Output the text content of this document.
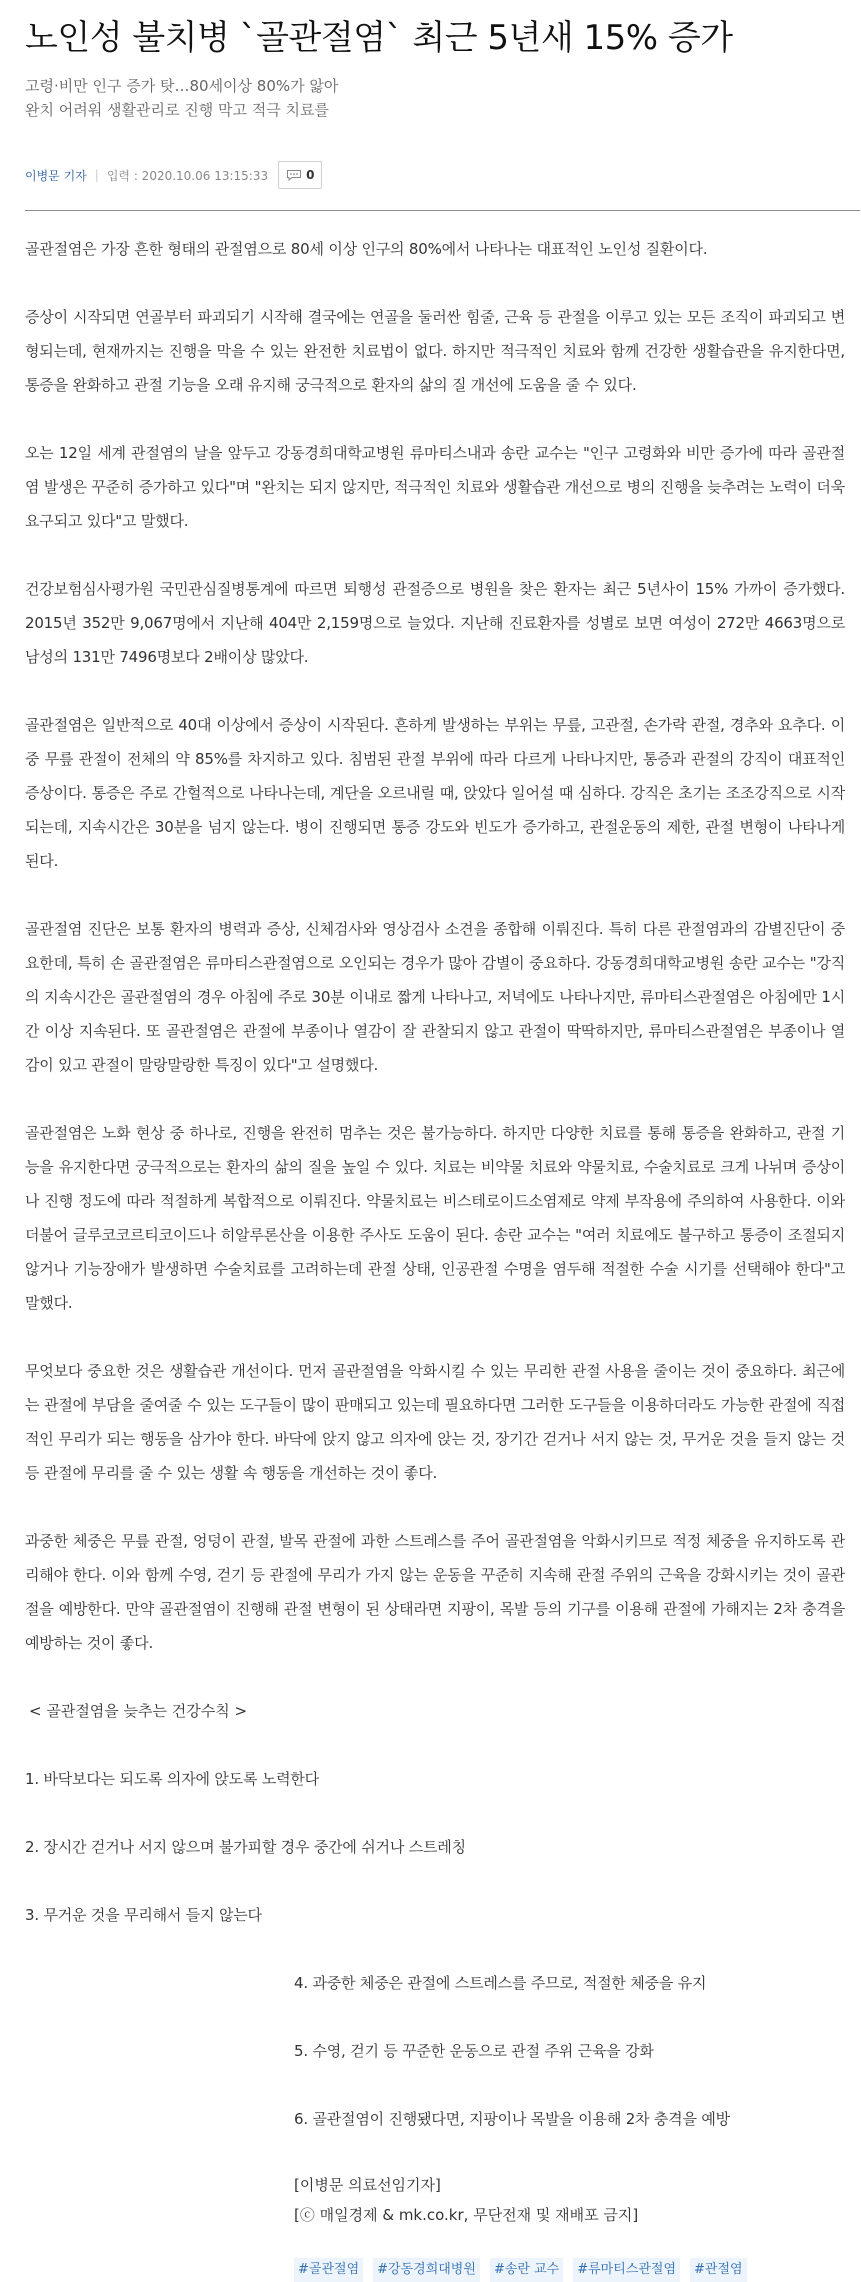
노인성 불치병 `골관절염` 최근 5년새 15% 증가
고령·비만 인구 증가 탓…80세이상 80%가 앓아
완치 어려워 생활관리로 진행 막고 적극 치료를
이병문 기자 | 입력 : 2020.10.06 13:15:33	0

골관절염은 가장 흔한 형태의 관절염으로 80세 이상 인구의 80%에서 나타나는 대표적인 노인성 질환이다.

증상이 시작되면 연골부터 파괴되기 시작해 결국에는 연골을 둘러싼 힘줄, 근육 등 관절을 이루고 있는 모든 조직이 파괴되고 변형되는데, 현재까지는 진행을 막을 수 있는 완전한 치료법이 없다. 하지만 적극적인 치료와 함께 건강한 생활습관을 유지한다면, 통증을 완화하고 관절 기능을 오래 유지해 궁극적으로 환자의 삶의 질 개선에 도움을 줄 수 있다.

오는 12일 세계 관절염의 날을 앞두고 강동경희대학교병원 류마티스내과 송란 교수는 "인구 고령화와 비만 증가에 따라 골관절염 발생은 꾸준히 증가하고 있다"며 "완치는 되지 않지만, 적극적인 치료와 생활습관 개선으로 병의 진행을 늦추려는 노력이 더욱 요구되고 있다"고 말했다.

건강보험심사평가원 국민관심질병통계에 따르면 퇴행성 관절증으로 병원을 찾은 환자는 최근 5년사이 15% 가까이 증가했다. 2015년 352만 9,067명에서 지난해 404만 2,159명으로 늘었다. 지난해 진료환자를 성별로 보면 여성이 272만 4663명으로 남성의 131만 7496명보다 2배이상 많았다.

골관절염은 일반적으로 40대 이상에서 증상이 시작된다. 흔하게 발생하는 부위는 무릎, 고관절, 손가락 관절, 경추와 요추다. 이중 무릎 관절이 전체의 약 85%를 차지하고 있다. 침범된 관절 부위에 따라 다르게 나타나지만, 통증과 관절의 강직이 대표적인 증상이다. 통증은 주로 간헐적으로 나타나는데, 계단을 오르내릴 때, 앉았다 일어설 때 심하다. 강직은 초기는 조조강직으로 시작되는데, 지속시간은 30분을 넘지 않는다. 병이 진행되면 통증 강도와 빈도가 증가하고, 관절운동의 제한, 관절 변형이 나타나게 된다.

골관절염 진단은 보통 환자의 병력과 증상, 신체검사와 영상검사 소견을 종합해 이뤄진다. 특히 다른 관절염과의 감별진단이 중요한데, 특히 손 골관절염은 류마티스관절염으로 오인되는 경우가 많아 감별이 중요하다. 강동경희대학교병원 송란 교수는 "강직의 지속시간은 골관절염의 경우 아침에 주로 30분 이내로 짧게 나타나고, 저녁에도 나타나지만, 류마티스관절염은 아침에만 1시간 이상 지속된다. 또 골관절염은 관절에 부종이나 열감이 잘 관찰되지 않고 관절이 딱딱하지만, 류마티스관절염은 부종이나 열감이 있고 관절이 말랑말랑한 특징이 있다"고 설명했다.

골관절염은 노화 현상 중 하나로, 진행을 완전히 멈추는 것은 불가능하다. 하지만 다양한 치료를 통해 통증을 완화하고, 관절 기능을 유지한다면 궁극적으로는 환자의 삶의 질을 높일 수 있다. 치료는 비약물 치료와 약물치료, 수술치료로 크게 나뉘며 증상이나 진행 정도에 따라 적절하게 복합적으로 이뤄진다. 약물치료는 비스테로이드소염제로 약제 부작용에 주의하여 사용한다. 이와 더불어 글루코코르티코이드나 히알루론산을 이용한 주사도 도움이 된다. 송란 교수는 "여러 치료에도 불구하고 통증이 조절되지 않거나 기능장애가 발생하면 수술치료를 고려하는데 관절 상태, 인공관절 수명을 염두해 적절한 수술 시기를 선택해야 한다"고 말했다.

무엇보다 중요한 것은 생활습관 개선이다. 먼저 골관절염을 악화시킬 수 있는 무리한 관절 사용을 줄이는 것이 중요하다. 최근에는 관절에 부담을 줄여줄 수 있는 도구들이 많이 판매되고 있는데 필요하다면 그러한 도구들을 이용하더라도 가능한 관절에 직접적인 무리가 되는 행동을 삼가야 한다. 바닥에 앉지 않고 의자에 앉는 것, 장기간 걷거나 서지 않는 것, 무거운 것을 들지 않는 것 등 관절에 무리를 줄 수 있는 생활 속 행동을 개선하는 것이 좋다.

과중한 체중은 무릎 관절, 엉덩이 관절, 발목 관절에 과한 스트레스를 주어 골관절염을 악화시키므로 적정 체중을 유지하도록 관리해야 한다. 이와 함께 수영, 걷기 등 관절에 무리가 가지 않는 운동을 꾸준히 지속해 관절 주위의 근육을 강화시키는 것이 골관절을 예방한다. 만약 골관절염이 진행해 관절 변형이 된 상태라면 지팡이, 목발 등의 기구를 이용해 관절에 가해지는 2차 충격을 예방하는 것이 좋다.

< 골관절염을 늦추는 건강수칙 >

1. 바닥보다는 되도록 의자에 앉도록 노력한다

2. 장시간 걷거나 서지 않으며 불가피할 경우 중간에 쉬거나 스트레칭

3. 무거운 것을 무리해서 들지 않는다

4. 과중한 체중은 관절에 스트레스를 주므로, 적절한 체중을 유지

5. 수영, 걷기 등 꾸준한 운동으로 관절 주위 근육을 강화

6. 골관절염이 진행됐다면, 지팡이나 목발을 이용해 2차 충격을 예방

[이병문 의료선임기자]
[ⓒ 매일경제 & mk.co.kr, 무단전재 및 재배포 금지]
#골관절염	#강동경희대병원	#송란 교수	#류마티스관절염	#관절염
